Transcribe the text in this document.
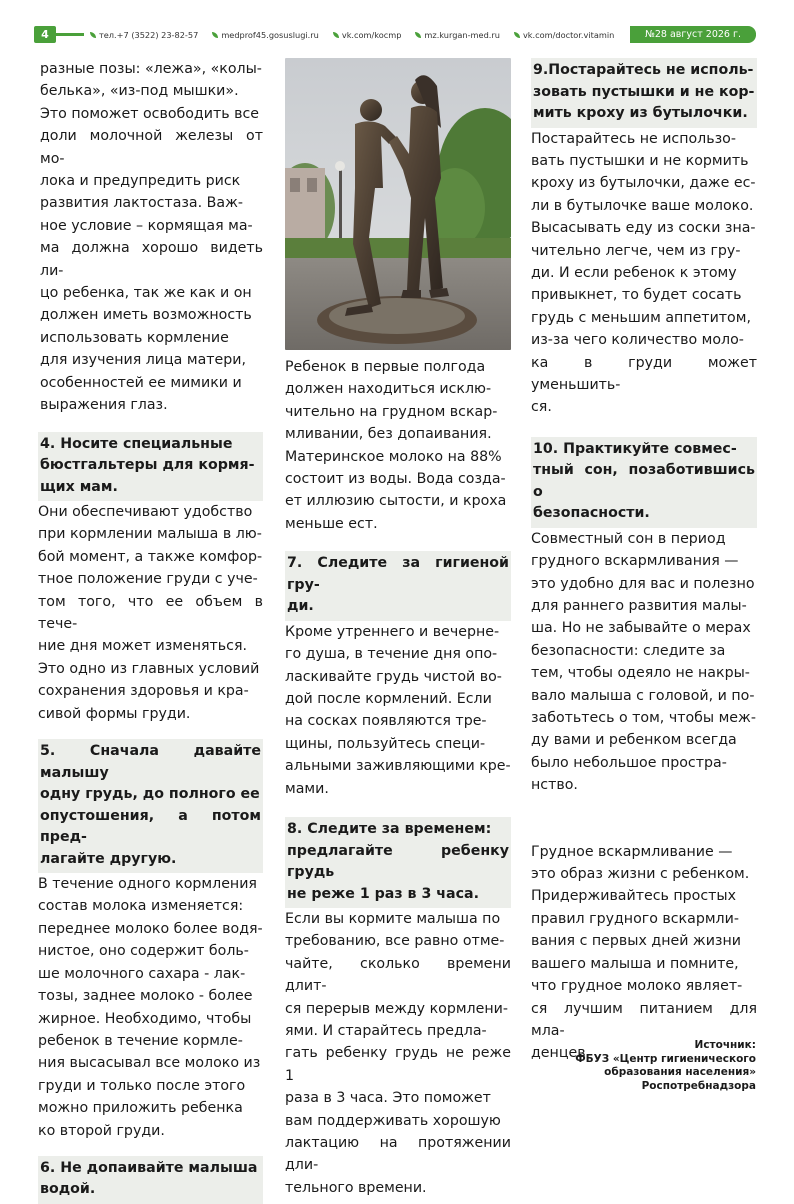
4	тел.+7 (3522) 23-82-57	medprof45.gosuslugi.ru	vk.com/kocmp	mz.kurgan-med.ru	vk.com/doctor.vitamin	№28 август 2026 г.

разные позы: «лежа», «колы-
белька», «из-под мышки».
Это поможет освободить все
доли молочной железы от мо-
лока и предупредить риск
развития лактостаза. Важ-
ное условие – кормящая ма-
ма должна хорошо видеть ли-
цо ребенка, так же как и он
должен иметь возможность
использовать кормление
для изучения лица матери,
особенностей ее мимики и
выражения глаз.

4. Носите специальные
бюстгальтеры для кормя-
щих мам.

Они обеспечивают удобство
при кормлении малыша в лю-
бой момент, а также комфор-
тное положение груди с уче-
том того, что ее объем в тече-
ние дня может изменяться.
Это одно из главных условий
сохранения здоровья и кра-
сивой формы груди.

5. Сначала давайте малышу
одну грудь, до полного ее
опустошения, а потом пред-
лагайте другую.

В течение одного кормления
состав молока изменяется:
переднее молоко более водя-
нистое, оно содержит боль-
ше молочного сахара - лак-
тозы, заднее молоко - более
жирное. Необходимо, чтобы
ребенок в течение кормле-
ния высасывал все молоко из
груди и только после этого
можно приложить ребенка
ко второй груди.

6. Не допаивайте малыша
водой.

Ребенок в первые полгода
должен находиться исклю-
чительно на грудном вскар-
мливании, без допаивания.
Материнское молоко на 88%
состоит из воды. Вода созда-
ет иллюзию сытости, и кроха
меньше ест.

7. Следите за гигиеной гру-
ди.

Кроме утреннего и вечерне-
го душа, в течение дня опо-
ласкивайте грудь чистой во-
дой после кормлений. Если
на сосках появляются тре-
щины, пользуйтесь специ-
альными заживляющими кре-
мами.

8. Следите за временем:
предлагайте ребенку грудь
не реже 1 раз в 3 часа.

Если вы кормите малыша по
требованию, все равно отме-
чайте, сколько времени длит-
ся перерыв между кормлени-
ями. И старайтесь предла-
гать ребенку грудь не реже 1
раза в 3 часа. Это поможет
вам поддерживать хорошую
лактацию на протяжении дли-
тельного времени.

9.Постарайтесь не исполь-
зовать пустышки и не кор-
мить кроху из бутылочки.

Постарайтесь не использо-
вать пустышки и не кормить
кроху из бутылочки, даже ес-
ли в бутылочке ваше молоко.
Высасывать еду из соски зна-
чительно легче, чем из гру-
ди. И если ребенок к этому
привыкнет, то будет сосать
грудь с меньшим аппетитом,
из-за чего количество моло-
ка в груди может уменьшить-
ся.

10. Практикуйте совмес-
тный сон, позаботившись о
безопасности.

Совместный сон в период
грудного вскармливания —
это удобно для вас и полезно
для раннего развития малы-
ша. Но не забывайте о мерах
безопасности: следите за
тем, чтобы одеяло не накры-
вало малыша с головой, и по-
заботьтесь о том, чтобы меж-
ду вами и ребенком всегда
было небольшое простра-
нство.

Грудное вскармливание —
это образ жизни с ребенком.
Придерживайтесь простых
правил грудного вскармли-
вания с первых дней жизни
вашего малыша и помните,
что грудное молоко являет-
ся лучшим питанием для мла-
денцев.

Источник:
ФБУЗ «Центр гигиенического
образования населения»
Роспотребнадзора
